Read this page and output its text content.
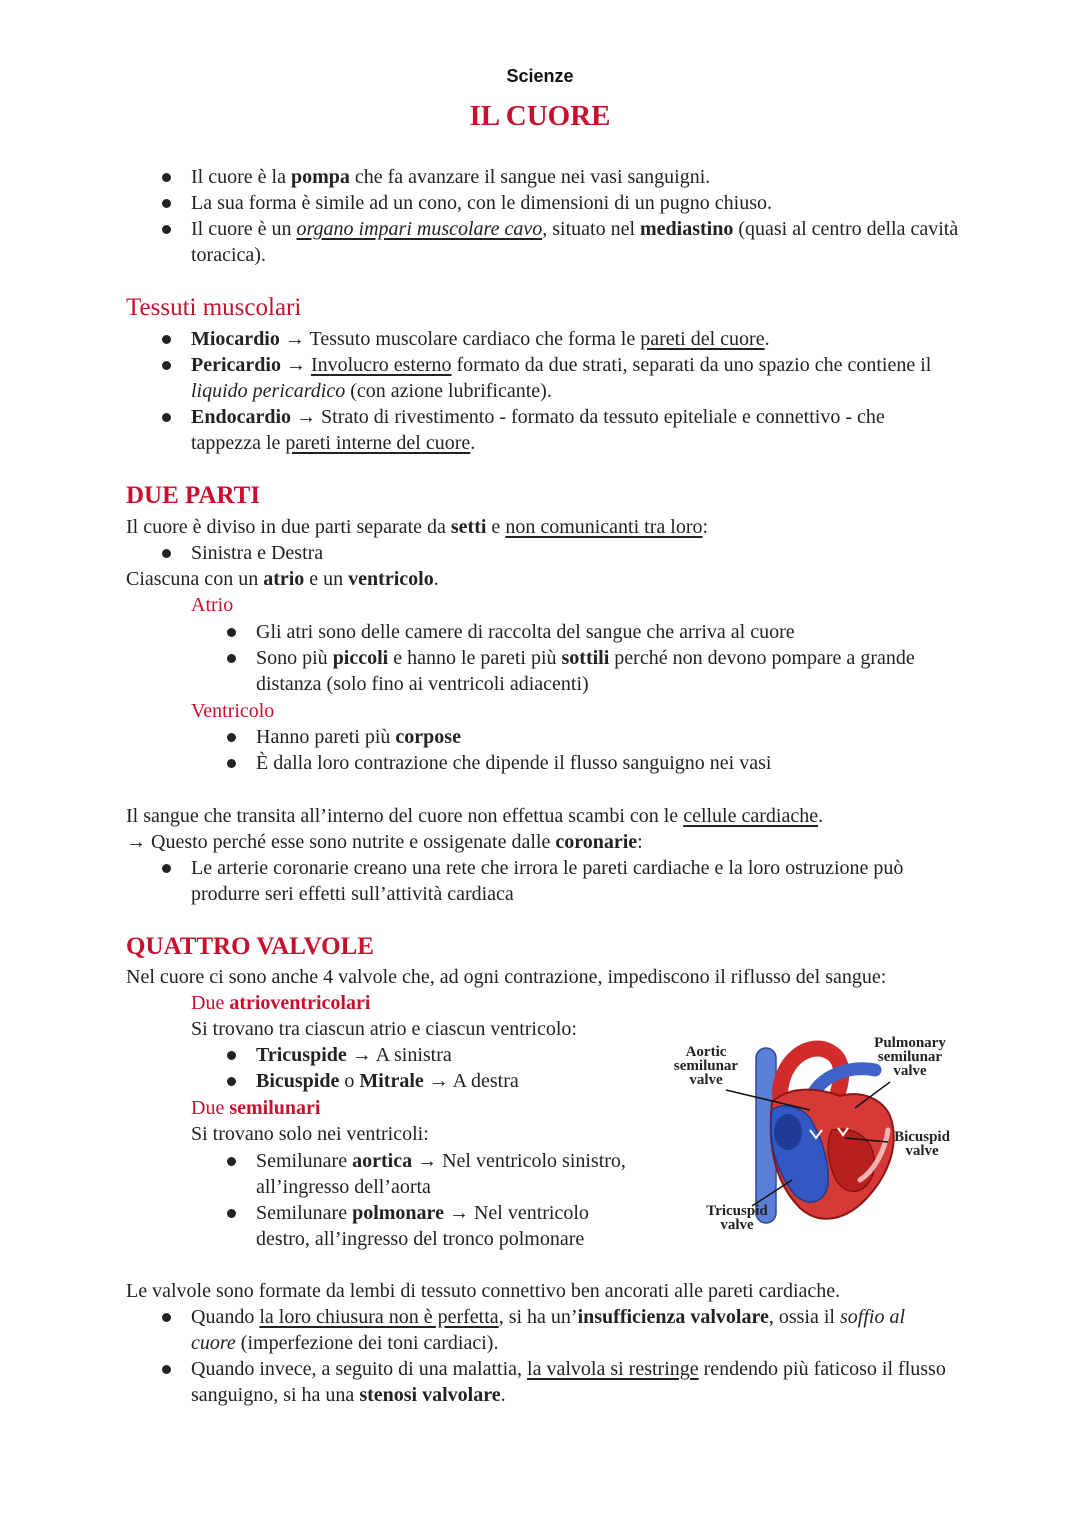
Scienze
IL CUORE
Il cuore è la pompa che fa avanzare il sangue nei vasi sanguigni.
La sua forma è simile ad un cono, con le dimensioni di un pugno chiuso.
Il cuore è un organo impari muscolare cavo, situato nel mediastino (quasi al centro della cavità toracica).
Tessuti muscolari
Miocardio → Tessuto muscolare cardiaco che forma le pareti del cuore.
Pericardio → Involucro esterno formato da due strati, separati da uno spazio che contiene il liquido pericardico (con azione lubrificante).
Endocardio → Strato di rivestimento - formato da tessuto epiteliale e connettivo - che tappezza le pareti interne del cuore.
DUE PARTI
Il cuore è diviso in due parti separate da setti e non comunicanti tra loro:
Sinistra e Destra
Ciascuna con un atrio e un ventricolo.
Atrio
Gli atri sono delle camere di raccolta del sangue che arriva al cuore
Sono più piccoli e hanno le pareti più sottili perché non devono pompare a grande distanza (solo fino ai ventricoli adiacenti)
Ventricolo
Hanno pareti più corpose
È dalla loro contrazione che dipende il flusso sanguigno nei vasi
Il sangue che transita all’interno del cuore non effettua scambi con le cellule cardiache.
→ Questo perché esse sono nutrite e ossigenate dalle coronarie:
Le arterie coronarie creano una rete che irrora le pareti cardiache e la loro ostruzione può produrre seri effetti sull’attività cardiaca
QUATTRO VALVOLE
Nel cuore ci sono anche 4 valvole che, ad ogni contrazione, impediscono il riflusso del sangue:
Due atrioventricolari
Si trovano tra ciascun atrio e ciascun ventricolo:
Tricuspide → A sinistra
Bicuspide o Mitrale → A destra
Due semilunari
Si trovano solo nei ventricoli:
Semilunare aortica → Nel ventricolo sinistro, all’ingresso dell’aorta
Semilunare polmonare → Nel ventricolo destro, all’ingresso del tronco polmonare
Aortic semilunar valve
Pulmonary semilunar valve
Bicuspid valve
Tricuspid valve
Le valvole sono formate da lembi di tessuto connettivo ben ancorati alle pareti cardiache.
Quando la loro chiusura non è perfetta, si ha un’insufficienza valvolare, ossia il soffio al cuore (imperfezione dei toni cardiaci).
Quando invece, a seguito di una malattia, la valvola si restringe rendendo più faticoso il flusso sanguigno, si ha una stenosi valvolare.
